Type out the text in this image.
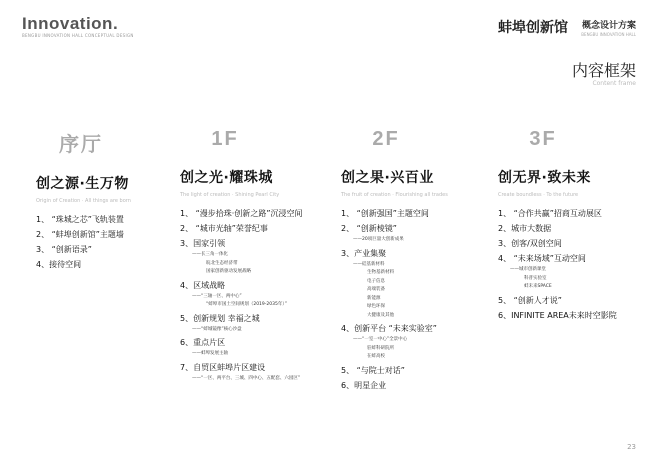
Innovation.
BENGBU INNOVATION HALL CONCEPTUAL DESIGN	蚌埠创新馆 概念设计方案
BENGBU INNOVATION HALL
内容框架
Content frame
序厅
创之源·生万物
Origin of Creation · All things are born
1、 “珠城之芯”飞轨装置
2、 “蚌埠创新馆”主题墙
3、 “创新语录”
4、接待空间
1F
创之光·耀珠城
The light of creation · Shining Pearl City
1、 “漫步拾珠·创新之路”沉浸空间
2、 “城市光轴”荣誉纪事
3、国家引领
——长三角一体化
皖北生态经济带
国家创新驱动发展战略
4、区域战略
——“三轴一区、两中心”
“蚌埠市国土空间规划（2019-2035年）”
5、创新规划 幸福之城
——“蚌城镜像”核心沙盘
6、重点片区
——蚌埠发展主轴
7、自贸区蚌埠片区建设
——“一区、两平台、三城、四中心、五配套、六园区”
2F
创之果·兴百业
The fruit of creation · Flourishing all trades
1、 “创新强国”主题空间
2、 “创新棱镜”
——20项巨量大创新成果
3、产业集聚
——硅基新材料
生物基新材料
电子信息
高端装备
新能源
绿色环保
大健康及其他
4、创新平台 “未来实验室”
——“一室一中心”全景中心
驻蚌科研院所
在蚌高校
5、 “与院士对话”
6、明星企业
3F
创无界·致未来
Create boundless · To the future
1、 “合作共赢”招商互动展区
2、城市大数据
3、创客/双创空间
4、 “未来场域”互动空间
——城市创新课堂
科普实验室
蚌未来SPACE
5、 “创新人才说”
6、INFINITE AREA未来时空影院
23
